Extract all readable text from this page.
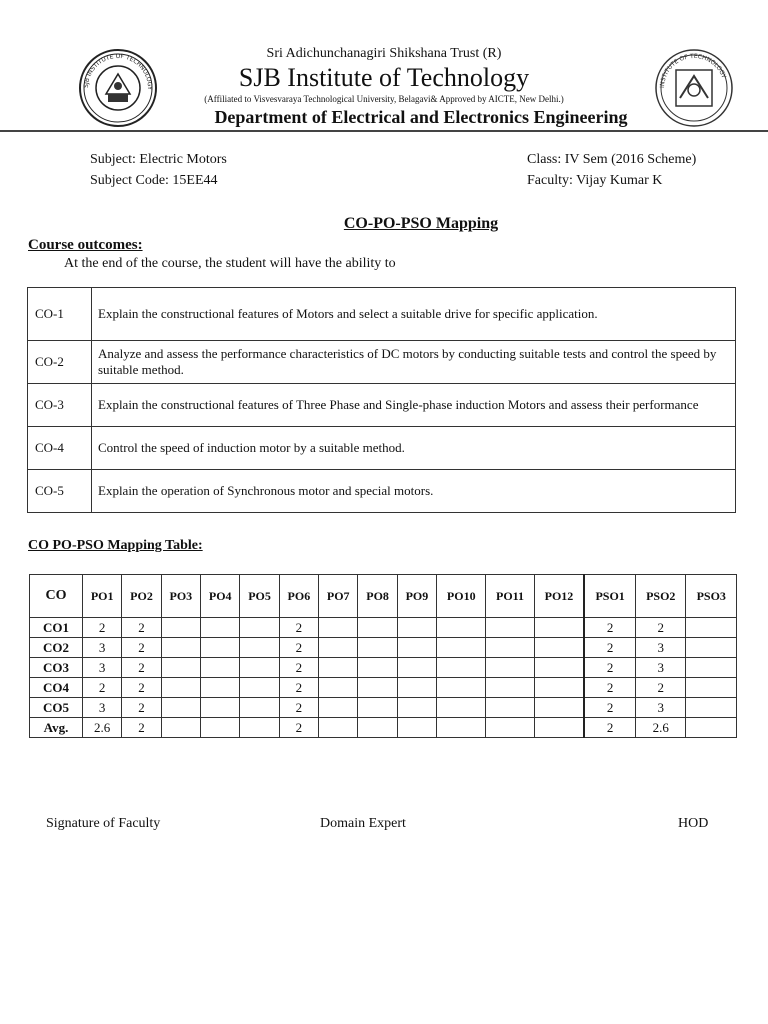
SJB INSTITUTE OF TECHNOLOGY	INSTITUTE OF TECHNOLOGY
Sri Adichunchanagiri Shikshana Trust (R)
SJB Institute of Technology
(Affiliated to Visvesvaraya Technological University, Belagavi& Approved by AICTE, New Delhi.)
Department of Electrical and Electronics Engineering
Subject: Electric Motors
Subject Code: 15EE44
Class: IV Sem (2016 Scheme)
Faculty: Vijay Kumar K
CO-PO-PSO Mapping
Course outcomes:
At the end of the course, the student will have the ability to
CO-1	Explain the constructional features of Motors and select a suitable drive for specific application.
CO-2	Analyze and assess the performance characteristics of DC motors by conducting suitable tests and control the speed by suitable method.
CO-3	Explain the constructional features of Three Phase and Single-phase induction Motors and assess their performance
CO-4	Control the speed of induction motor by a suitable method.
CO-5	Explain the operation of Synchronous motor and special motors.
CO PO-PSO Mapping Table:
CO	PO1	PO2	PO3	PO4	PO5	PO6	PO7	PO8	PO9	PO10	PO11	PO12	PSO1	PSO2	PSO3
CO1	2	2				2							2	2	
CO2	3	2				2							2	3	
CO3	3	2				2							2	3	
CO4	2	2				2							2	2	
CO5	3	2				2							2	3	
Avg.	2.6	2				2							2	2.6	
Signature of Faculty	Domain Expert	HOD
